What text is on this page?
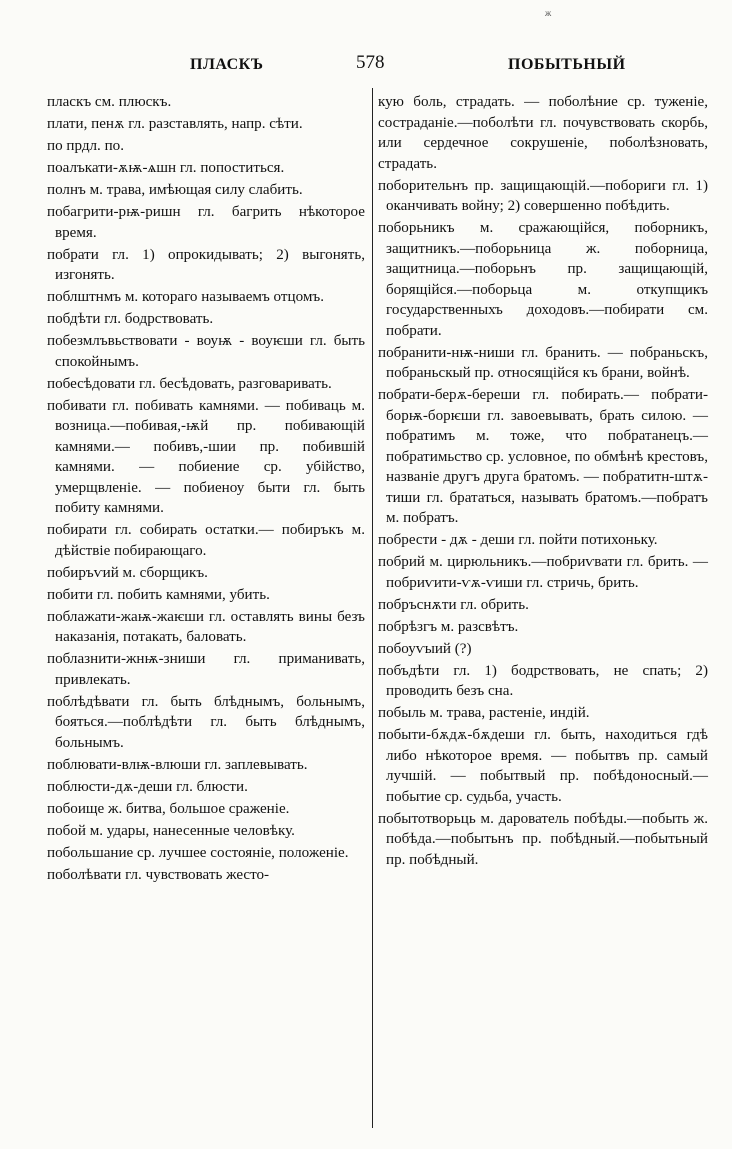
ПЛАСКЪ	578	ПОБЫТЬНЫЙ
ж
пласкъ см. плюскъ.
плати, пенѫ гл. разставлять, напр. сѣти.
по прдл. по.
поалъкати-ѫѭ-ѧшн гл. попоститься.
полнъ м. трава, имѣющая силу слабить.
побагрити-рѭ-ришн гл. багрить нѣкоторое время.
побрати гл. 1) опрокидывать; 2) выгонять, изгонять.
поблштнмъ м. котораго называемъ отцомъ.
побдѣти гл. бодрствовать.
побезмлъвьствовати - воуѭ - воуѥши гл. быть спокойнымъ.
побесѣдовати гл. бесѣдовать, разговаривать.
побивати гл. побивать камнями. — побиваць м. возница.—побивая,-ѭй пр. побивающій камнями.— побивъ,-шии пр. побившій камнями. — побиение ср. убійство, умерщвленіе. — побиеноу быти гл. быть побиту камнями.
побирати гл. собирать остатки.— побиръкъ м. дѣйствіе побирающаго.
побиръѵий м. сборщикъ.
побити гл. побить камнями, убить.
поблажати-жаѭ-жаѥши гл. оставлять вины безъ наказанія, потакать, баловать.
поблазнити-жнѭ-зниши гл. приманивать, привлекать.
поблѣдѣвати гл. быть блѣднымъ, больнымъ, бояться.—поблѣдѣти гл. быть блѣднымъ, больнымъ.
поблювати-влѭ-влюши гл. заплевывать.
поблюсти-дѫ-деши гл. блюсти.
побоище ж. битва, большое сраженіе.
побой м. удары, нанесенные человѣку.
побольшание ср. лучшее состояніе, положеніе.
поболѣвати гл. чувствовать жесто-
кую боль, страдать. — поболѣние ср. туженіе, состраданіе.—поболѣти гл. почувствовать скорбь, или сердечное сокрушеніе, поболѣзновать, страдать.
поборительнъ пр. защищающій.—побориги гл. 1) оканчивать войну; 2) совершенно побѣдить.
поборьникъ м. сражающійся, поборникъ, защитникъ.—поборьница ж. поборница, защитница.—поборьнъ пр. защищающій, борящійся.—поборьца м. откупщикъ государственныхъ доходовъ.—побирати см. побрати.
побранити-нѭ-ниши гл. бранить. — побраньскъ, побраньскый пр. относящійся къ брани, войнѣ.
побрати-берѫ-береши гл. побирать.— побрати-борѭ-борѥши гл. завоевывать, брать силою. — побратимъ м. тоже, что побратанецъ.—побратимьство ср. условное, по обмѣнѣ крестовъ, названіе другъ друга братомъ. — побратитн-штѫ-тиши гл. брататься, называть братомъ.—побратъ м. побратъ.
побрести - дѫ - деши гл. пойти потихоньку.
побрий м. цирюльникъ.—побриѵвати гл. брить. — побриѵити-ѵѫ-ѵиши гл. стричь, брить.
побръснѫти гл. обрить.
побрѣзгъ м. разсвѣтъ.
побоуѵыий (?)
побъдѣти гл. 1) бодрствовать, не спать; 2) проводить безъ сна.
побыль м. трава, растеніе, индій.
побыти-бѫдѫ-бѫдеши гл. быть, находиться гдѣ либо нѣкоторое время. — побытвъ пр. самый лучшій. — побытвый пр. побѣдоносный.—побытие ср. судьба, участь.
побытотворьць м. дарователь побѣды.—побыть ж. побѣда.—побытьнъ пр. побѣдный.—побытьный пр. побѣдный.
